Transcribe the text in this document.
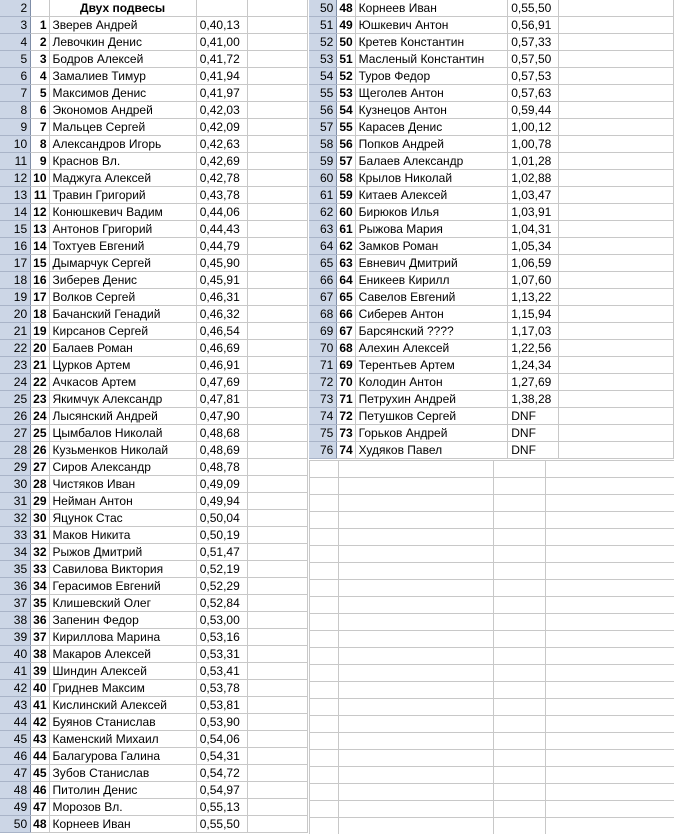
2		Двух подвесы		
3	1	Зверев Андрей	0,40,13	
4	2	Левочкин Денис	0,41,00	
5	3	Бодров Алексей	0,41,72	
6	4	Замалиев Тимур	0,41,94	
7	5	Максимов Денис	0,41,97	
8	6	Экономов Андрей	0,42,03	
9	7	Мальцев Сергей	0,42,09	
10	8	Александров Игорь	0,42,63	
11	9	Краснов Вл.	0,42,69	
12	10	Маджуга Алексей	0,42,78	
13	11	Травин Григорий	0,43,78	
14	12	Конюшкевич Вадим	0,44,06	
15	13	Антонов Григорий	0,44,43	
16	14	Тохтуев Евгений	0,44,79	
17	15	Дымарчук Сергей	0,45,90	
18	16	Зиберев Денис	0,45,91	
19	17	Волков Сергей	0,46,31	
20	18	Бачанский Генадий	0,46,32	
21	19	Кирсанов Сергей	0,46,54	
22	20	Балаев Роман	0,46,69	
23	21	Цурков Артем	0,46,91	
24	22	Ачкасов Артем	0,47,69	
25	23	Якимчук Александр	0,47,81	
26	24	Лысянский Андрей	0,47,90	
27	25	Цымбалов Николай	0,48,68	
28	26	Кузьменков Николай	0,48,69	
29	27	Сиров Александр	0,48,78	
30	28	Чистяков Иван	0,49,09	
31	29	Нейман Антон	0,49,94	
32	30	Яцунок Стас	0,50,04	
33	31	Маков Никита	0,50,19	
34	32	Рыжов Дмитрий	0,51,47	
35	33	Савилова Виктория	0,52,19	
36	34	Герасимов Евгений	0,52,29	
37	35	Клишевский Олег	0,52,84	
38	36	Запенин Федор	0,53,00	
39	37	Кириллова Марина	0,53,16	
40	38	Макаров Алексей	0,53,31	
41	39	Шиндин Алексей	0,53,41	
42	40	Гриднев Максим	0,53,78	
43	41	Кислинский Алексей	0,53,81	
44	42	Буянов Станислав	0,53,90	
45	43	Каменский Михаил	0,54,06	
46	44	Балагурова Галина	0,54,31	
47	45	Зубов Станислав	0,54,72	
48	46	Питолин Денис	0,54,97	
49	47	Морозов Вл.	0,55,13	
50	48	Корнеев Иван	0,55,50	
50	48	Корнеев Иван	0,55,50	
51	49	Юшкевич Антон	0,56,91	
52	50	Кретев Константин	0,57,33	
53	51	Масленый Константин	0,57,50	
54	52	Туров Федор	0,57,53	
55	53	Щеголев Антон	0,57,63	
56	54	Кузнецов Антон	0,59,44	
57	55	Карасев Денис	1,00,12	
58	56	Попков Андрей	1,00,78	
59	57	Балаев Александр	1,01,28	
60	58	Крылов Николай	1,02,88	
61	59	Китаев Алексей	1,03,47	
62	60	Бирюков Илья	1,03,91	
63	61	Рыжова Мария	1,04,31	
64	62	Замков Роман	1,05,34	
65	63	Евневич Дмитрий	1,06,59	
66	64	Еникеев Кирилл	1,07,60	
67	65	Савелов Евгений	1,13,22	
68	66	Сиберев Антон	1,15,94	
69	67	Барсянский ????	1,17,03	
70	68	Алехин Алексей	1,22,56	
71	69	Терентьев Артем	1,24,34	
72	70	Колодин Антон	1,27,69	
73	71	Петрухин Андрей	1,38,28	
74	72	Петушков Сергей	DNF	
75	73	Горьков Андрей	DNF	
76	74	Худяков Павел	DNF	
